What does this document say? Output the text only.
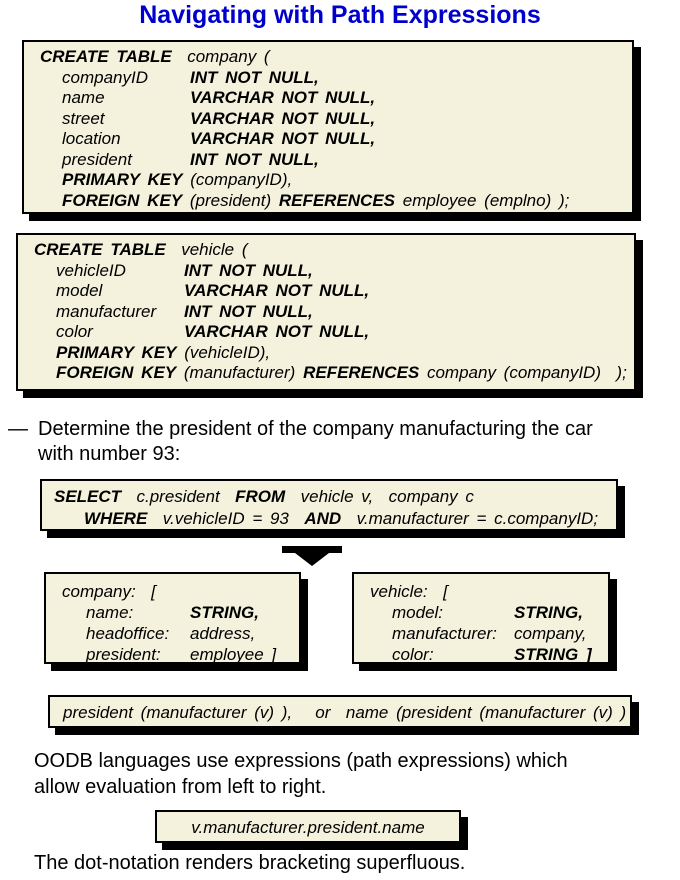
Navigating with Path Expressions
CREATE TABLE  company (
companyID	INT NOT NULL,
name	VARCHAR NOT NULL,
street	VARCHAR NOT NULL,
location	VARCHAR NOT NULL,
president	INT NOT NULL,
PRIMARY KEY (companyID),
FOREIGN KEY (president) REFERENCES employee (emplno) );
CREATE TABLE  vehicle (
vehicleID	INT NOT NULL,
model	VARCHAR NOT NULL,
manufacturer	INT NOT NULL,
color	VARCHAR NOT NULL,
PRIMARY KEY (vehicleID),
FOREIGN KEY (manufacturer) REFERENCES company (companyID)  );
— Determine the president of the company manufacturing the car
with number 93:
SELECT  c.president  FROM  vehicle v,  company c
WHERE  v.vehicleID = 93  AND  v.manufacturer = c.companyID;
company:  [
name:	STRING,
headoffice:	address,
president:	employee ]
vehicle:  [
model:	STRING,
manufacturer:	company,
color:	STRING ]
president (manufacturer (v) ),   or  name (president (manufacturer (v) )
OODB languages use expressions (path expressions) which
allow evaluation from left to right.
v.manufacturer.president.name
The dot-notation renders bracketing superfluous.
